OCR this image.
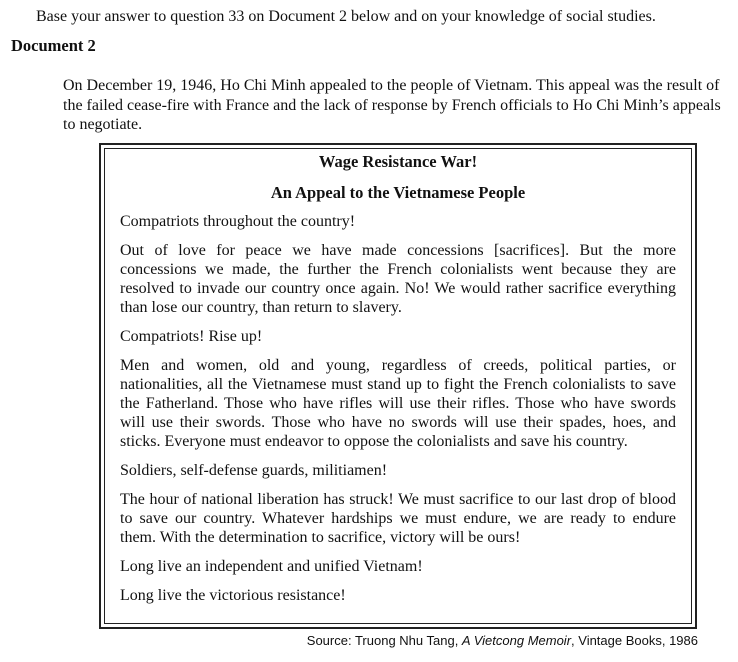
Base your answer to question 33 on Document 2 below and on your knowledge of social studies.
Document 2
On December 19, 1946, Ho Chi Minh appealed to the people of Vietnam. This appeal was the result of the failed cease-fire with France and the lack of response by French officials to Ho Chi Minh’s appeals to negotiate.

Wage Resistance War!

An Appeal to the Vietnamese People

Compatriots throughout the country!

Out of love for peace we have made concessions [sacrifices]. But the more concessions we made, the further the French colonialists went because they are resolved to invade our country once again. No! We would rather sacrifice everything than lose our country, than return to slavery.

Compatriots! Rise up!

Men and women, old and young, regardless of creeds, political parties, or nationalities, all the Vietnamese must stand up to fight the French colonialists to save the Fatherland. Those who have rifles will use their rifles. Those who have swords will use their swords. Those who have no swords will use their spades, hoes, and sticks. Everyone must endeavor to oppose the colonialists and save his country.

Soldiers, self-defense guards, militiamen!

The hour of national liberation has struck! We must sacrifice to our last drop of blood to save our country. Whatever hardships we must endure, we are ready to endure them. With the determination to sacrifice, victory will be ours!

Long live an independent and unified Vietnam!

Long live the victorious resistance!

Source: Truong Nhu Tang, A Vietcong Memoir, Vintage Books, 1986
